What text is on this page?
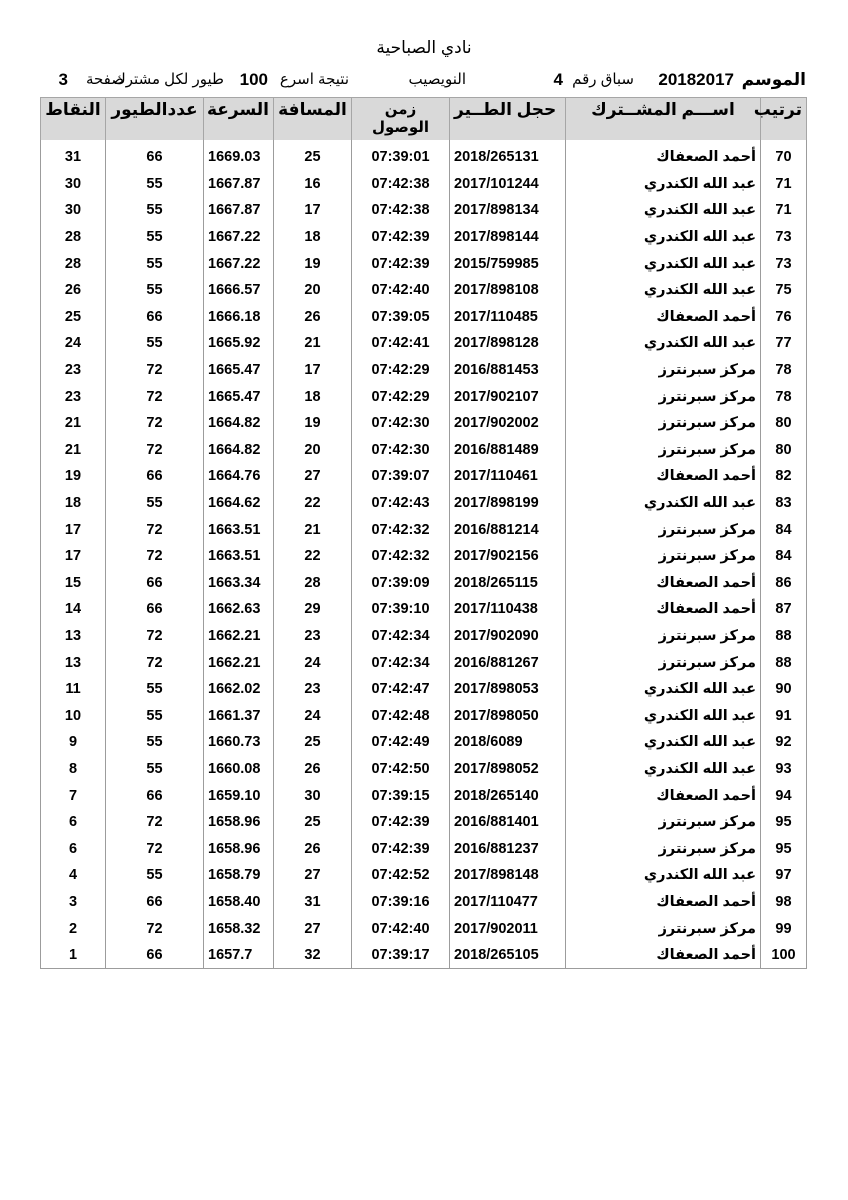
نادي الصباحية
الموسم
20182017
سباق رقم
4
النويصيب
نتيجة اسرع
100
طيور لكل مشترك
صفحة
3
ترتيب	اســـم المشــترك	حجل الطــير	زمن الوصول	المسافة	السرعة	عددالطيور	النقاط

70	أحمد الصعفاك	2018/265131	07:39:01	25	1669.03	66	31
71	عبد الله الكندري	2017/101244	07:42:38	16	1667.87	55	30
71	عبد الله الكندري	2017/898134	07:42:38	17	1667.87	55	30
73	عبد الله الكندري	2017/898144	07:42:39	18	1667.22	55	28
73	عبد الله الكندري	2015/759985	07:42:39	19	1667.22	55	28
75	عبد الله الكندري	2017/898108	07:42:40	20	1666.57	55	26
76	أحمد الصعفاك	2017/110485	07:39:05	26	1666.18	66	25
77	عبد الله الكندري	2017/898128	07:42:41	21	1665.92	55	24
78	مركز سبرنترز	2016/881453	07:42:29	17	1665.47	72	23
78	مركز سبرنترز	2017/902107	07:42:29	18	1665.47	72	23
80	مركز سبرنترز	2017/902002	07:42:30	19	1664.82	72	21
80	مركز سبرنترز	2016/881489	07:42:30	20	1664.82	72	21
82	أحمد الصعفاك	2017/110461	07:39:07	27	1664.76	66	19
83	عبد الله الكندري	2017/898199	07:42:43	22	1664.62	55	18
84	مركز سبرنترز	2016/881214	07:42:32	21	1663.51	72	17
84	مركز سبرنترز	2017/902156	07:42:32	22	1663.51	72	17
86	أحمد الصعفاك	2018/265115	07:39:09	28	1663.34	66	15
87	أحمد الصعفاك	2017/110438	07:39:10	29	1662.63	66	14
88	مركز سبرنترز	2017/902090	07:42:34	23	1662.21	72	13
88	مركز سبرنترز	2016/881267	07:42:34	24	1662.21	72	13
90	عبد الله الكندري	2017/898053	07:42:47	23	1662.02	55	11
91	عبد الله الكندري	2017/898050	07:42:48	24	1661.37	55	10
92	عبد الله الكندري	2018/6089	07:42:49	25	1660.73	55	9
93	عبد الله الكندري	2017/898052	07:42:50	26	1660.08	55	8
94	أحمد الصعفاك	2018/265140	07:39:15	30	1659.10	66	7
95	مركز سبرنترز	2016/881401	07:42:39	25	1658.96	72	6
95	مركز سبرنترز	2016/881237	07:42:39	26	1658.96	72	6
97	عبد الله الكندري	2017/898148	07:42:52	27	1658.79	55	4
98	أحمد الصعفاك	2017/110477	07:39:16	31	1658.40	66	3
99	مركز سبرنترز	2017/902011	07:42:40	27	1658.32	72	2
100	أحمد الصعفاك	2018/265105	07:39:17	32	1657.7	66	1
